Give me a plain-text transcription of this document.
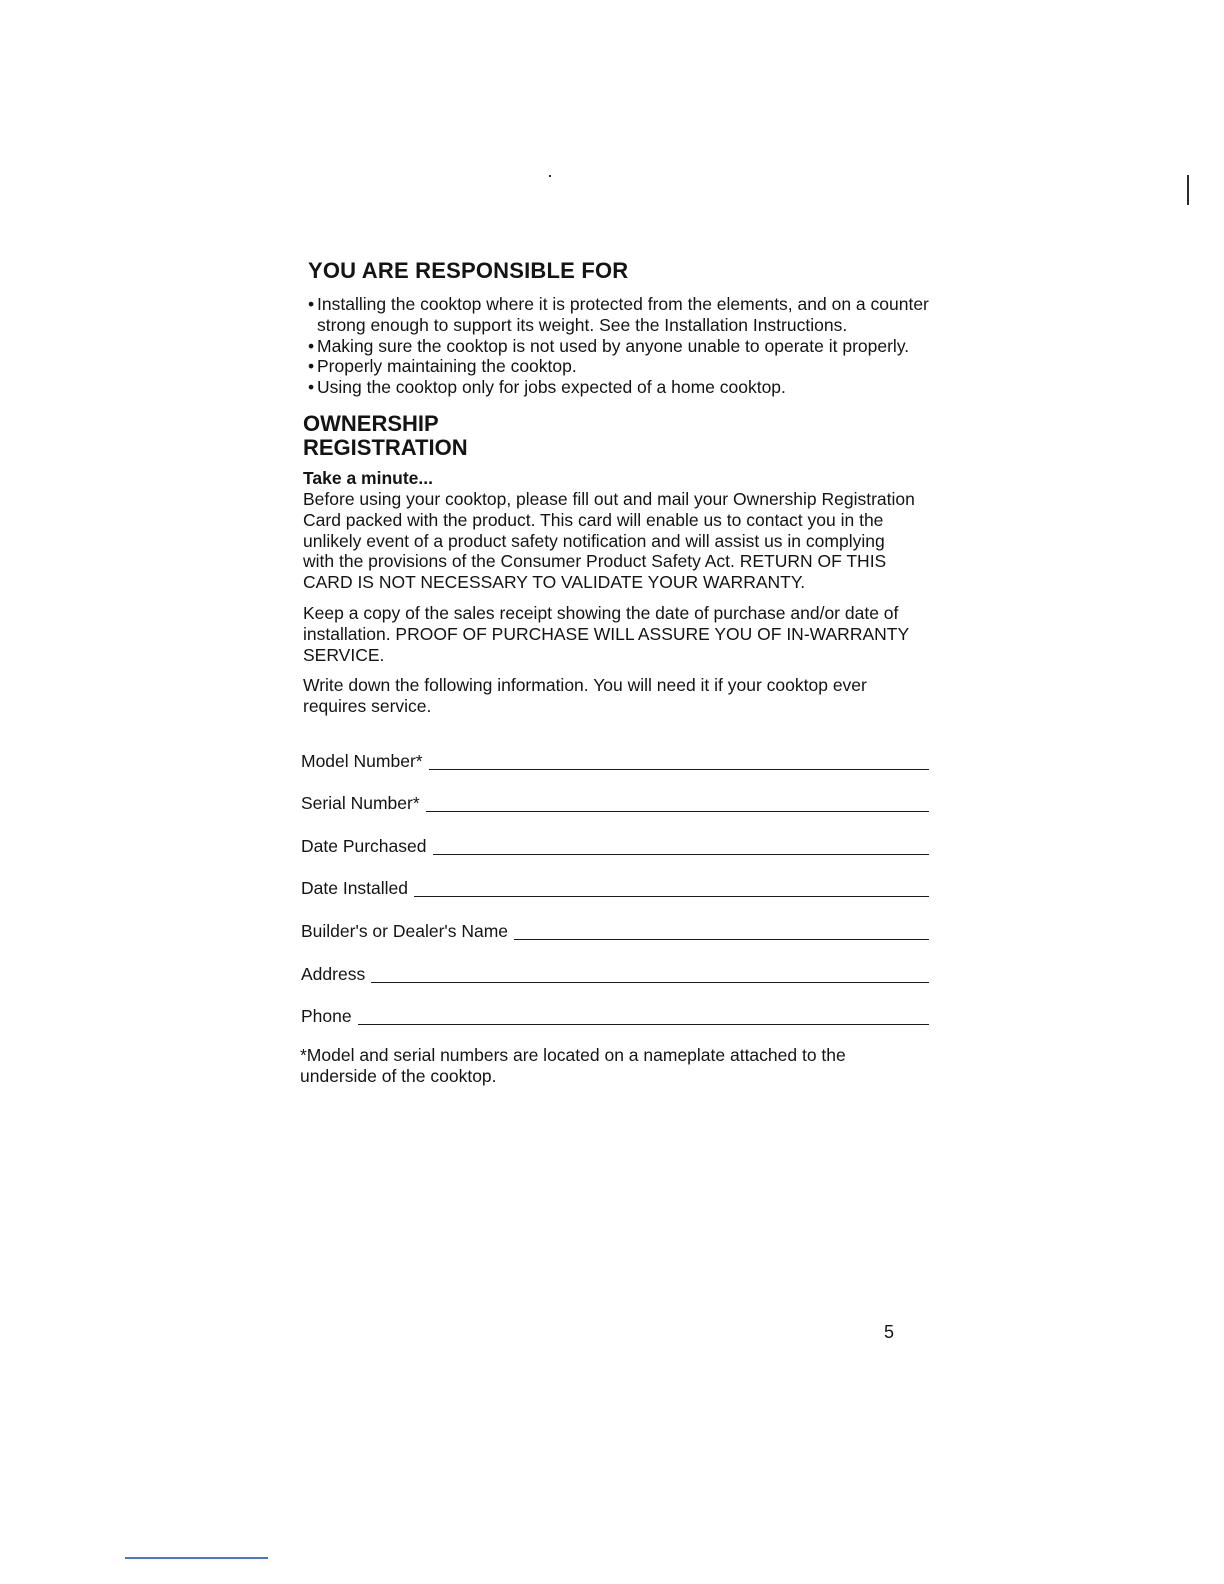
YOU ARE RESPONSIBLE FOR
• Installing the cooktop where it is protected from the elements, and on a counter strong enough to support its weight. See the Installation Instructions.
• Making sure the cooktop is not used by anyone unable to operate it properly.
• Properly maintaining the cooktop.
• Using the cooktop only for jobs expected of a home cooktop.
OWNERSHIP REGISTRATION
Take a minute...

Before using your cooktop, please fill out and mail your Ownership Registration Card packed with the product. This card will enable us to contact you in the unlikely event of a product safety notification and will assist us in complying with the provisions of the Consumer Product Safety Act. RETURN OF THIS CARD IS NOT NECESSARY TO VALIDATE YOUR WARRANTY.

Keep a copy of the sales receipt showing the date of purchase and/or date of installation. PROOF OF PURCHASE WILL ASSURE YOU OF IN-WARRANTY SERVICE.

Write down the following information. You will need it if your cooktop ever requires service.

Model Number*
Serial Number*
Date Purchased
Date Installed
Builder's or Dealer's Name
Address
Phone

*Model and serial numbers are located on a nameplate attached to the underside of the cooktop.

5
